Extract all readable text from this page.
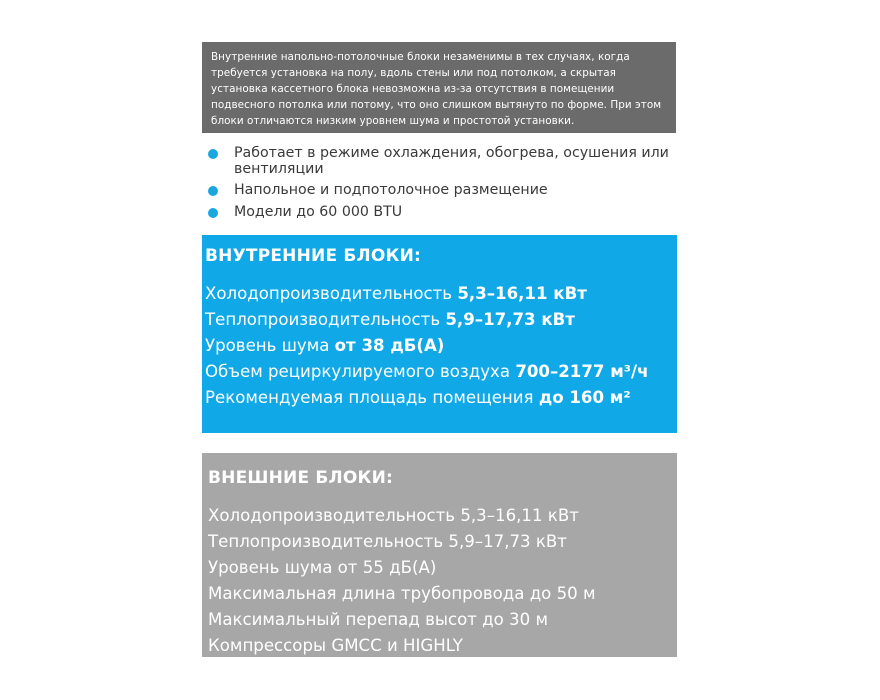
Внутренние напольно-потолочные блоки незаменимы в тех случаях, когда требуется установка на полу, вдоль стены или под потолком, а скрытая установка кассетного блока невозможна из-за отсутствия в помещении подвесного потолка или потому, что оно слишком вытянуто по форме. При этом блоки отличаются низким уровнем шума и простотой установки.
Работает в режиме охлаждения, обогрева, осушения или вентиляции
Напольное и подпотолочное размещение
Модели до 60 000 BTU
ВНУТРЕННИЕ БЛОКИ:
Холодопроизводительность 5,3–16,11 кВт
Теплопроизводительность 5,9–17,73 кВт
Уровень шума от 38 дБ(А)
Объем рециркулируемого воздуха 700–2177 м³/ч
Рекомендуемая площадь помещения до 160 м²
ВНЕШНИЕ БЛОКИ:
Холодопроизводительность 5,3–16,11 кВт
Теплопроизводительность 5,9–17,73 кВт
Уровень шума от 55 дБ(А)
Максимальная длина трубопровода до 50 м
Максимальный перепад высот до 30 м
Компрессоры GMCC и HIGHLY
